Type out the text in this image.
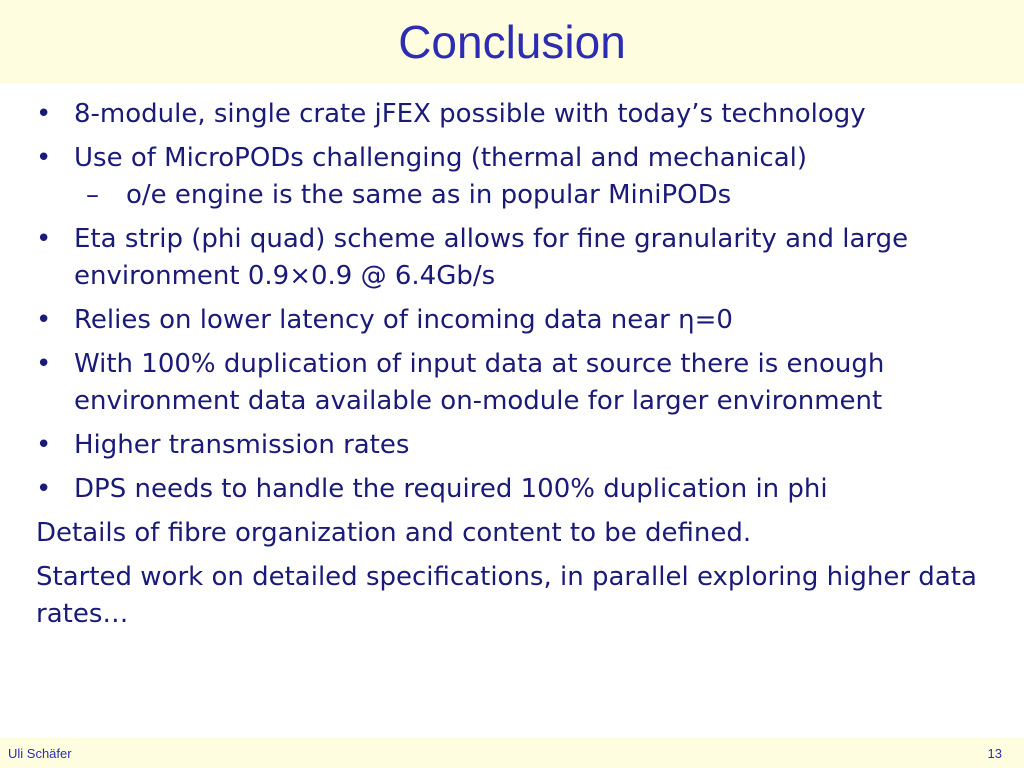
Conclusion
• 8-module, single crate jFEX possible with today’s technology
• Use of MicroPODs challenging (thermal and mechanical)
– o/e engine is the same as in popular MiniPODs
• Eta strip (phi quad) scheme allows for fine granularity and large environment 0.9×0.9 @ 6.4Gb/s
• Relies on lower latency of incoming data near η=0
• With 100% duplication of input data at source there is enough environment data available on-module for larger environment
• Higher transmission rates
• DPS needs to handle the required 100% duplication in phi
Details of fibre organization and content to be defined.
Started work on detailed specifications, in parallel exploring higher data rates…
Uli Schäfer	13
